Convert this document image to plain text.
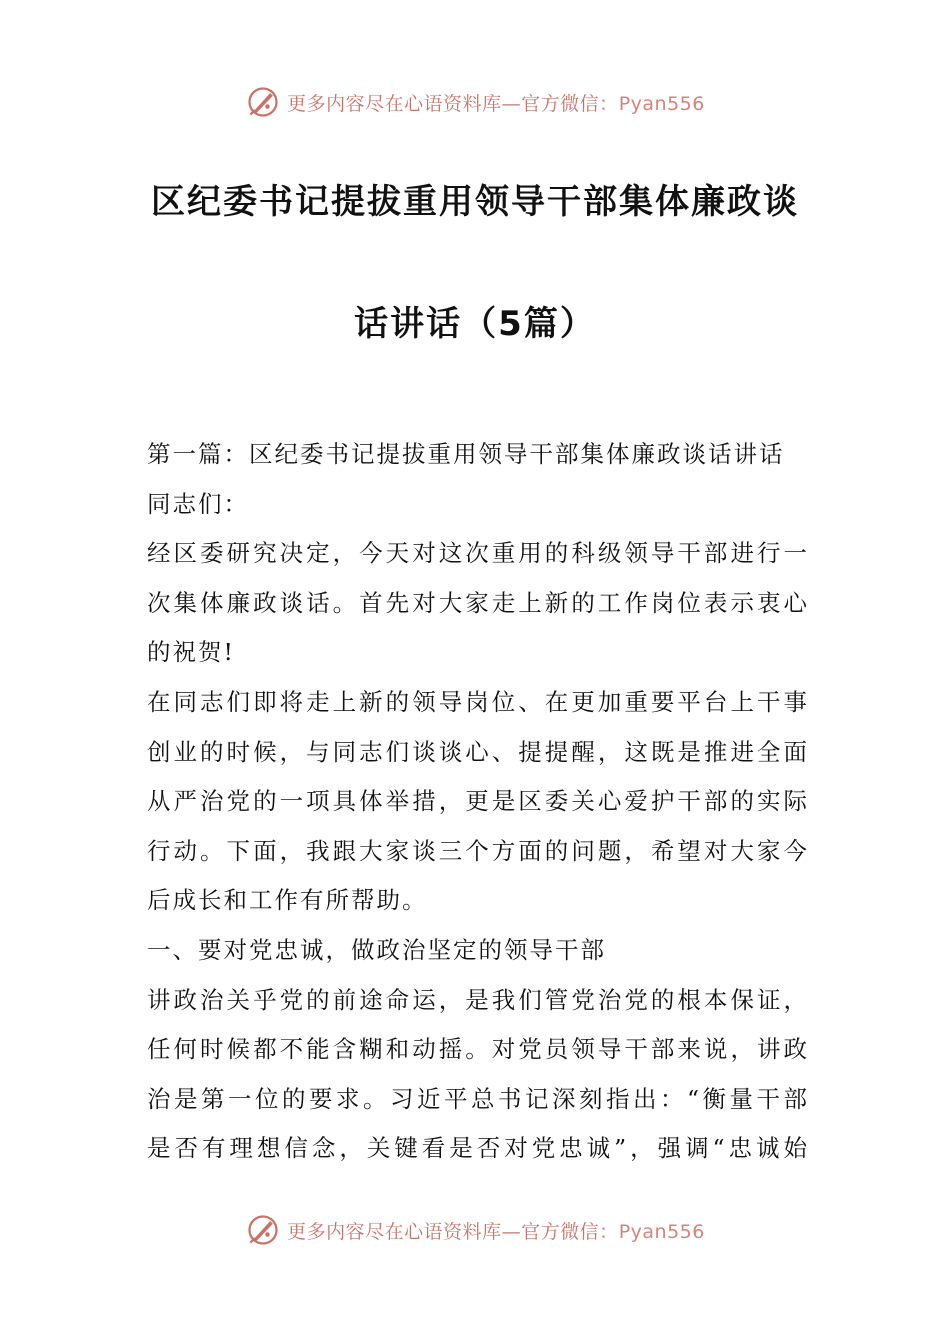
更多内容尽在心语资料库—官方微信：Pyan556
区纪委书记提拔重用领导干部集体廉政谈
话讲话（5篇）
第一篇：区纪委书记提拔重用领导干部集体廉政谈话讲话
同志们：
经区委研究决定，今天对这次重用的科级领导干部进行一
次集体廉政谈话。首先对大家走上新的工作岗位表示衷心
的祝贺!
在同志们即将走上新的领导岗位、在更加重要平台上干事
创业的时候，与同志们谈谈心、提提醒，这既是推进全面
从严治党的一项具体举措，更是区委关心爱护干部的实际
行动。下面，我跟大家谈三个方面的问题，希望对大家今
后成长和工作有所帮助。
一、要对党忠诚，做政治坚定的领导干部
讲政治关乎党的前途命运，是我们管党治党的根本保证，
任何时候都不能含糊和动摇。对党员领导干部来说，讲政
治是第一位的要求。习近平总书记深刻指出：“衡量干部
是否有理想信念，关键看是否对党忠诚”，强调“忠诚始
更多内容尽在心语资料库—官方微信：Pyan556
